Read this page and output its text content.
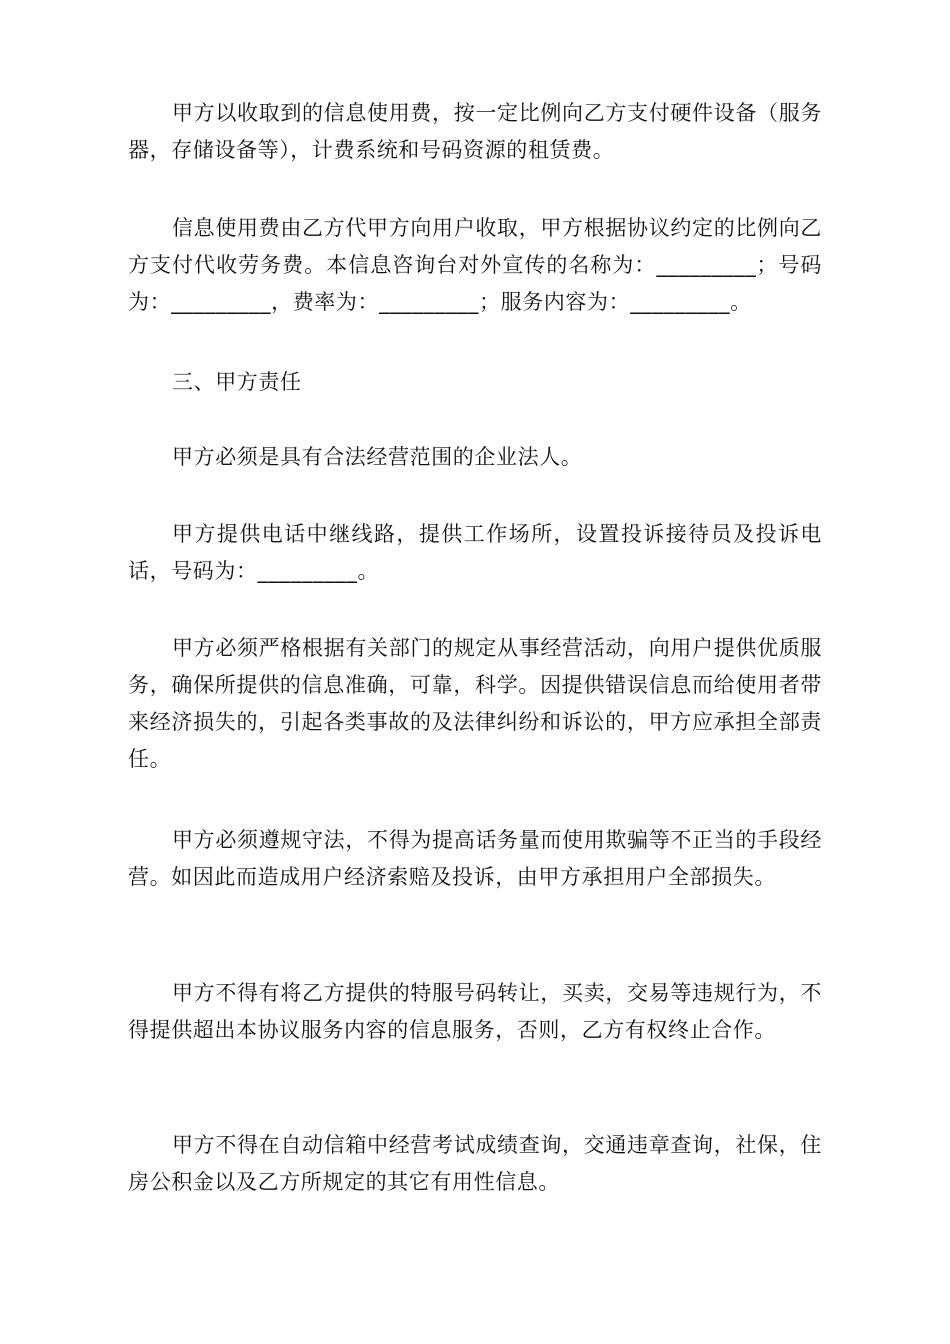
甲方以收取到的信息使用费，按一定比例向乙方支付硬件设备（服务器，存储设备等），计费系统和号码资源的租赁费。

信息使用费由乙方代甲方向用户收取，甲方根据协议约定的比例向乙方支付代收劳务费。本信息咨询台对外宣传的名称为：_________；号码为：_________，费率为：_________；服务内容为：_________。

三、甲方责任

甲方必须是具有合法经营范围的企业法人。

甲方提供电话中继线路，提供工作场所，设置投诉接待员及投诉电话，号码为：_________。

甲方必须严格根据有关部门的规定从事经营活动，向用户提供优质服务，确保所提供的信息准确，可靠，科学。因提供错误信息而给使用者带来经济损失的，引起各类事故的及法律纠纷和诉讼的，甲方应承担全部责任。

甲方必须遵规守法，不得为提高话务量而使用欺骗等不正当的手段经营。如因此而造成用户经济索赔及投诉，由甲方承担用户全部损失。

甲方不得有将乙方提供的特服号码转让，买卖，交易等违规行为，不得提供超出本协议服务内容的信息服务，否则，乙方有权终止合作。

甲方不得在自动信箱中经营考试成绩查询，交通违章查询，社保，住房公积金以及乙方所规定的其它有用性信息。
